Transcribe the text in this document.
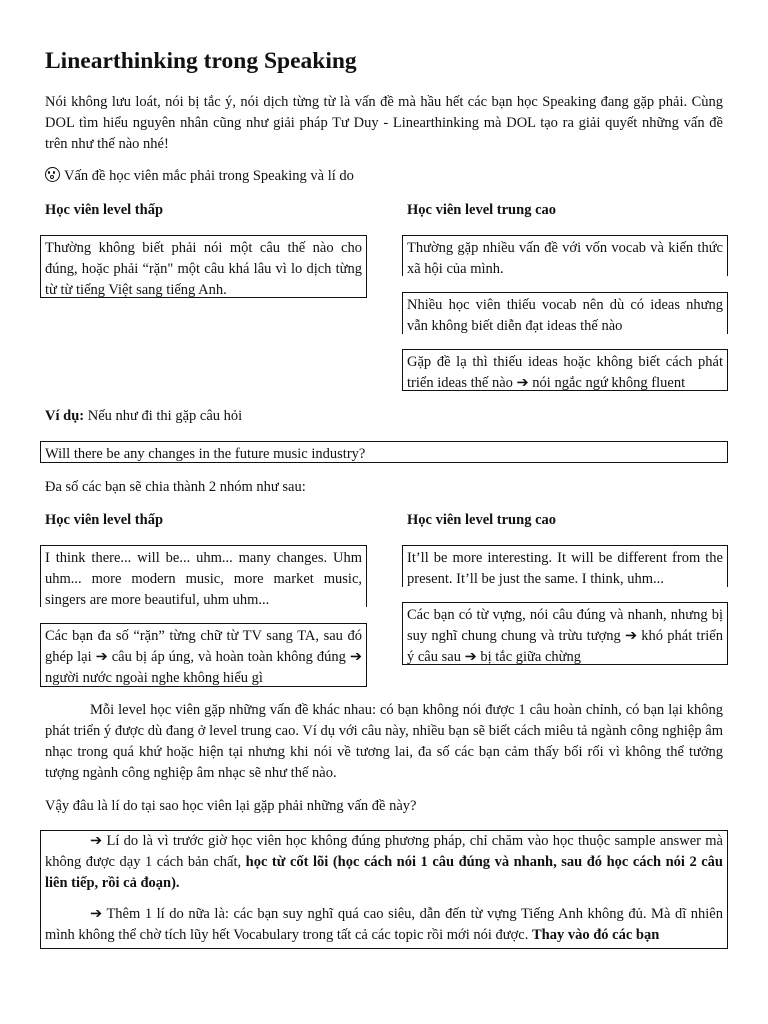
Linearthinking trong Speaking

Nói không lưu loát, nói bị tắc ý, nói dịch từng từ là vấn đề mà hầu hết các bạn học Speaking đang gặp phải. Cùng DOL tìm hiểu nguyên nhân cũng như giải pháp Tư Duy - Linearthinking mà DOL tạo ra giải quyết những vấn đề trên như thế nào nhé!

Vấn đề học viên mắc phải trong Speaking và lí do

Học viên level thấp	Học viên level trung cao

Thường không biết phải nói một câu thế nào cho đúng, hoặc phải “rặn" một câu khá lâu vì lo dịch từng từ từ tiếng Việt sang tiếng Anh.
Thường gặp nhiều vấn đề với vốn vocab và kiến thức xã hội của mình.
Nhiều học viên thiếu vocab nên dù có ideas nhưng vẫn không biết diễn đạt ideas thế nào
Gặp đề lạ thì thiếu ideas hoặc không biết cách phát triển ideas thế nào ➔ nói ngắc ngứ không fluent

Ví dụ: Nếu như đi thi gặp câu hỏi

Will there be any changes in the future music industry?

Đa số các bạn sẽ chia thành 2 nhóm như sau:

Học viên level thấp	Học viên level trung cao

I think there... will be... uhm... many changes. Uhm uhm... more modern music, more market music, singers are more beautiful, uhm uhm...
Các bạn đa số “rặn” từng chữ từ TV sang TA, sau đó ghép lại ➔ câu bị áp úng, và hoàn toàn không đúng ➔ người nước ngoài nghe không hiểu gì
It’ll be more interesting. It will be different from the present. It’ll be just the same. I think, uhm...
Các bạn có từ vựng, nói câu đúng và nhanh, nhưng bị suy nghĩ chung chung và trừu tượng ➔ khó phát triển ý câu sau ➔ bị tắc giữa chừng

Mỗi level học viên gặp những vấn đề khác nhau: có bạn không nói được 1 câu hoàn chỉnh, có bạn lại không phát triển ý được dù đang ở level trung cao. Ví dụ với câu này, nhiều bạn sẽ biết cách miêu tả ngành công nghiệp âm nhạc trong quá khứ hoặc hiện tại nhưng khi nói về tương lai, đa số các bạn cảm thấy bối rối vì không thể tưởng tượng ngành công nghiệp âm nhạc sẽ như thế nào.

Vậy đâu là lí do tại sao học viên lại gặp phải những vấn đề này?

➔ Lí do là vì trước giờ học viên học không đúng phương pháp, chỉ chăm vào học thuộc sample answer mà không được dạy 1 cách bản chất, học từ cốt lõi (học cách nói 1 câu đúng và nhanh, sau đó học cách nói 2 câu liên tiếp, rồi cả đoạn).

➔ Thêm 1 lí do nữa là: các bạn suy nghĩ quá cao siêu, dẫn đến từ vựng Tiếng Anh không đủ. Mà dĩ nhiên mình không thể chờ tích lũy hết Vocabulary trong tất cả các topic rồi mới nói được. Thay vào đó các bạn
